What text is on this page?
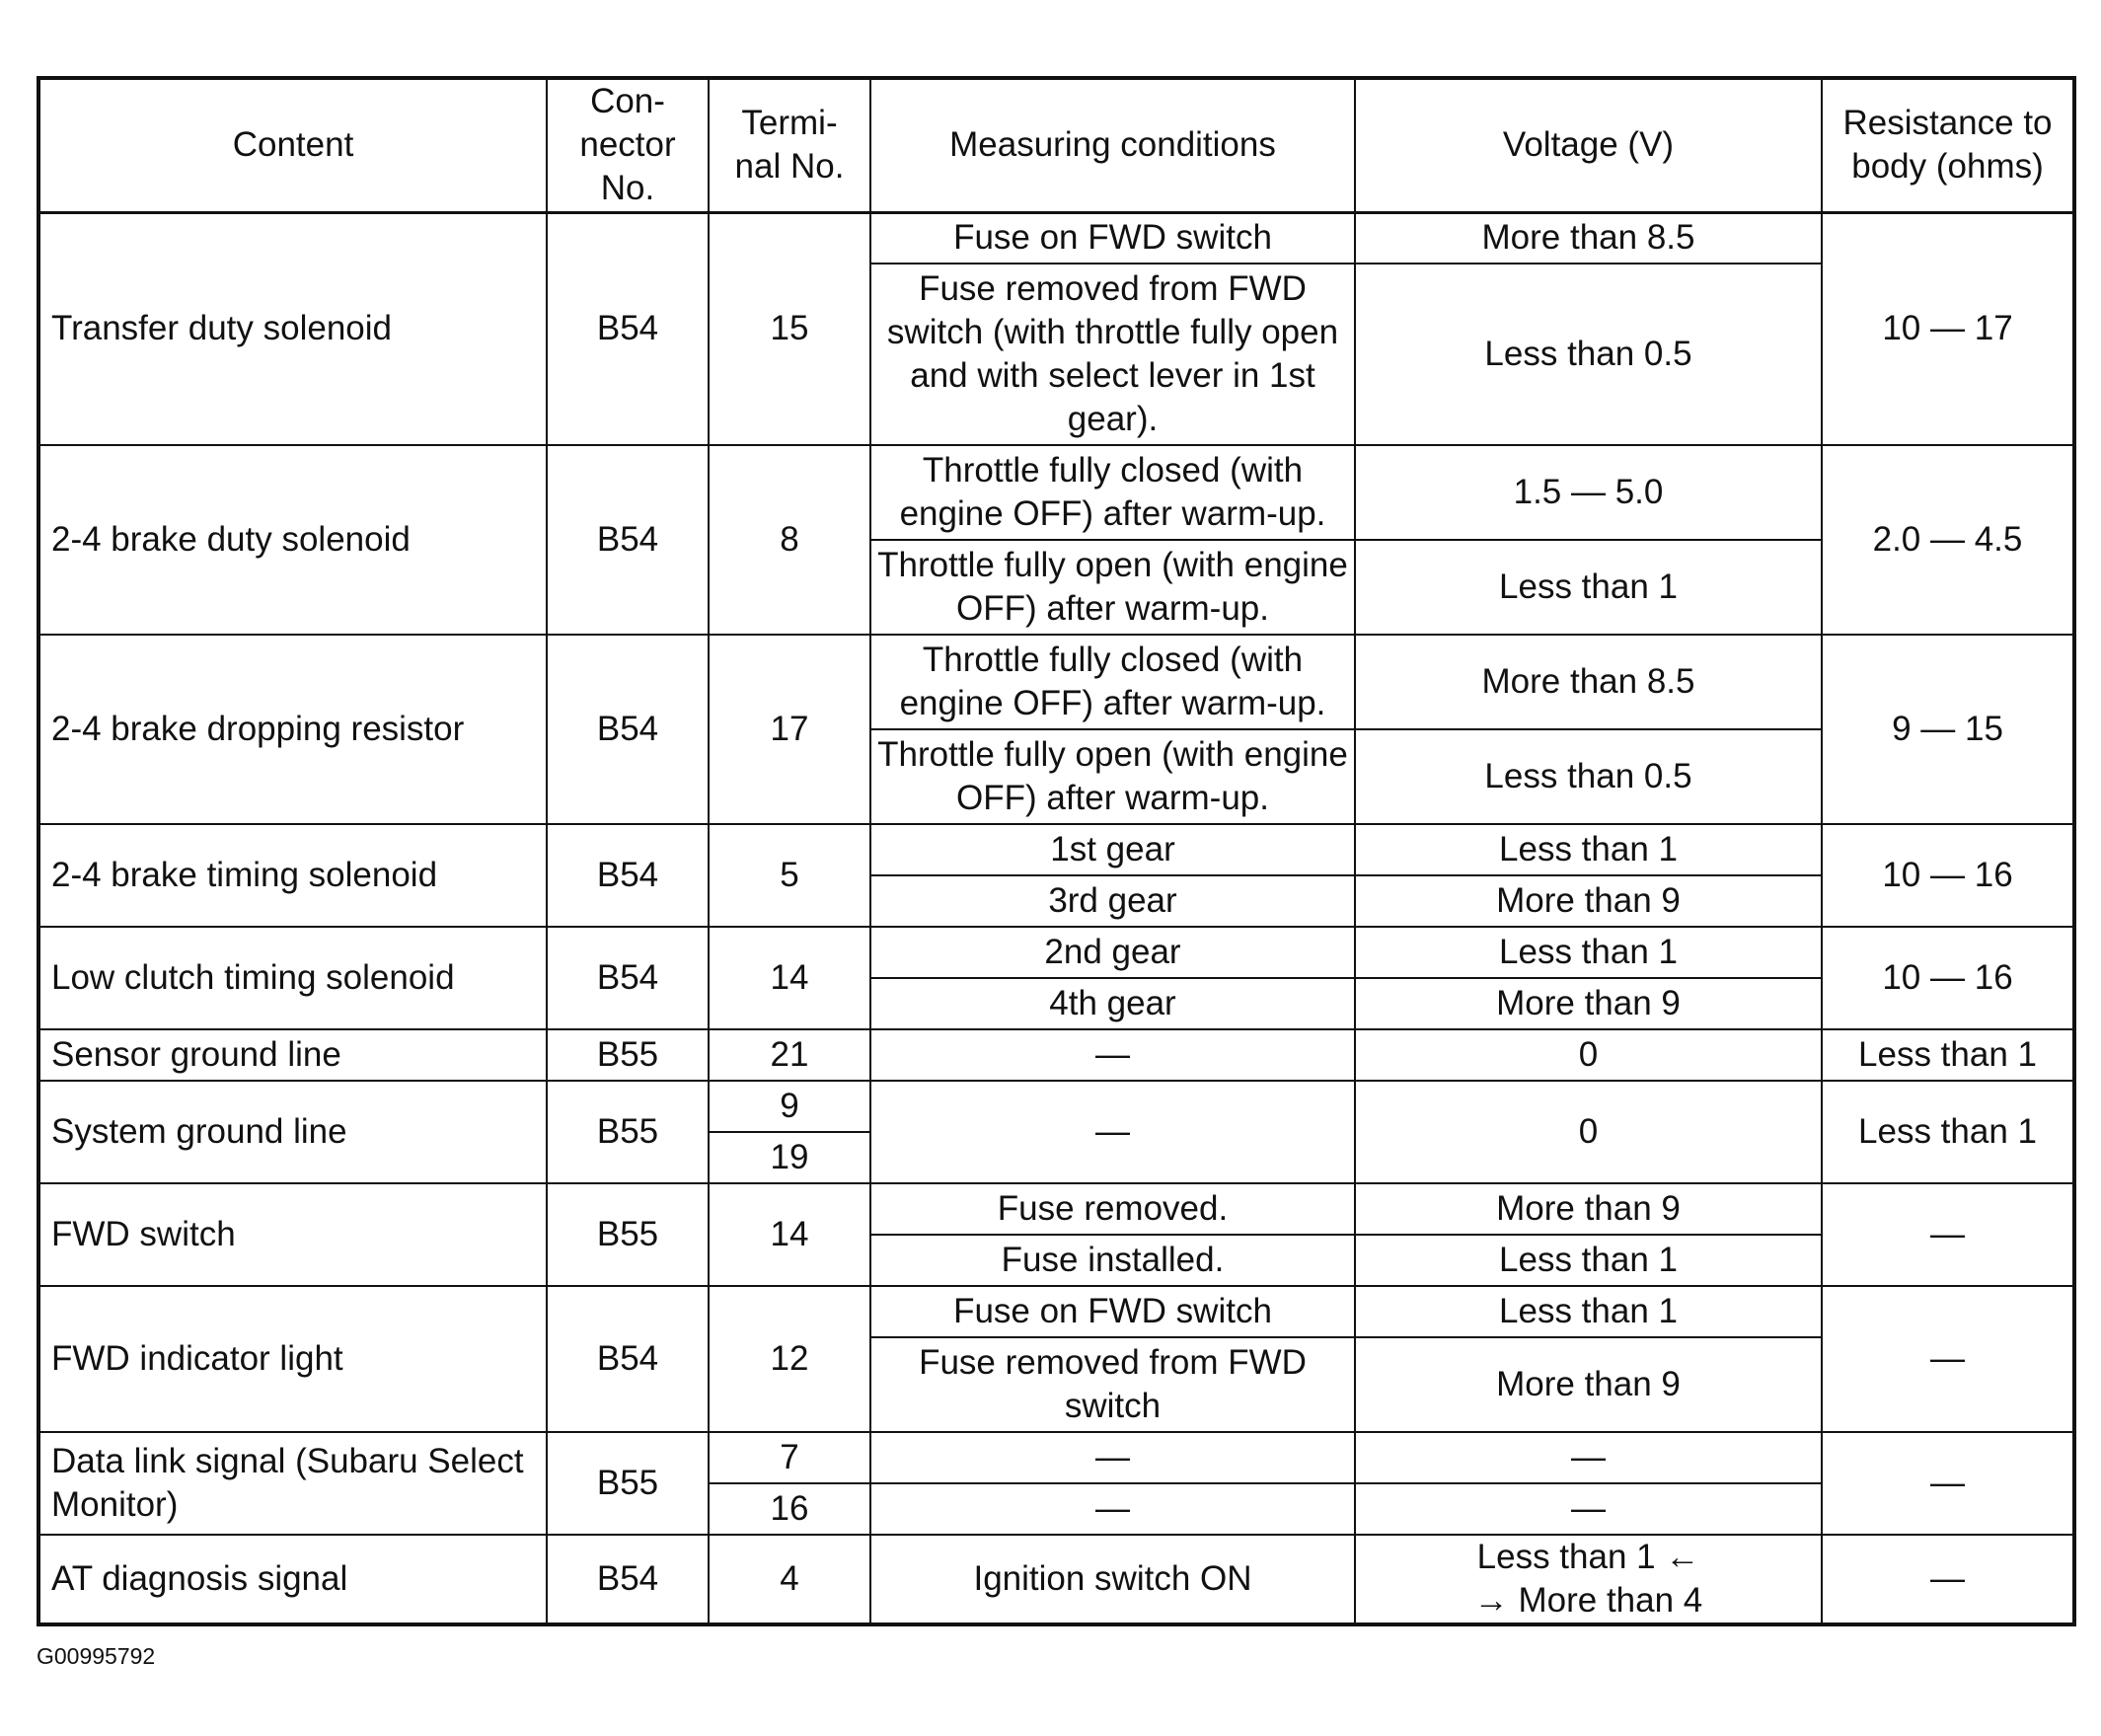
Content	Con-
nector
No.	Termi-
nal No.	Measuring conditions	Voltage (V)	Resistance to
body (ohms)
Transfer duty solenoid	B54	15	Fuse on FWD switch	More than 8.5	10 — 17
			Fuse removed from FWD switch (with throttle fully open and with select lever in 1st gear).	Less than 0.5	
2-4 brake duty solenoid	B54	8	Throttle fully closed (with engine OFF) after warm-up.	1.5 — 5.0	2.0 — 4.5
			Throttle fully open (with engine OFF) after warm-up.	Less than 1	
2-4 brake dropping resistor	B54	17	Throttle fully closed (with engine OFF) after warm-up.	More than 8.5	9 — 15
			Throttle fully open (with engine OFF) after warm-up.	Less than 0.5	
2-4 brake timing solenoid	B54	5	1st gear	Less than 1	10 — 16
			3rd gear	More than 9	
Low clutch timing solenoid	B54	14	2nd gear	Less than 1	10 — 16
			4th gear	More than 9	
Sensor ground line	B55	21	—	0	Less than 1
System ground line	B55	9	—	0	Less than 1
		19			
FWD switch	B55	14	Fuse removed.	More than 9	—
			Fuse installed.	Less than 1	
FWD indicator light	B54	12	Fuse on FWD switch	Less than 1	—
			Fuse removed from FWD switch	More than 9	
Data link signal (Subaru Select Monitor)	B55	7	—	—	—
		16	—	—	
AT diagnosis signal	B54	4	Ignition switch ON	Less than 1 ←
→ More than 4	—
G00995792
